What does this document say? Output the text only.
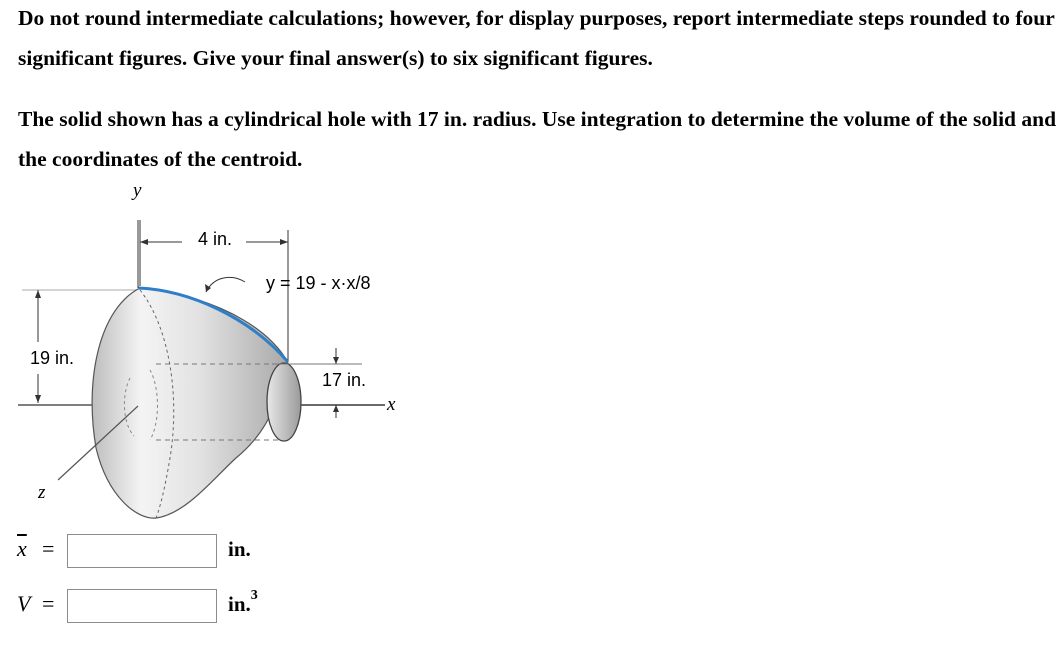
Do not round intermediate calculations; however, for display purposes, report intermediate steps rounded to four significant figures. Give your final answer(s) to six significant figures.

The solid shown has a cylindrical hole with 17 in. radius. Use integration to determine the volume of the solid and the coordinates of the centroid.

y
4 in.
y = 19 - x·x/8
19 in.
17 in.
x
z
$\overline{x}$ =	in.
V =	in.$^3$
